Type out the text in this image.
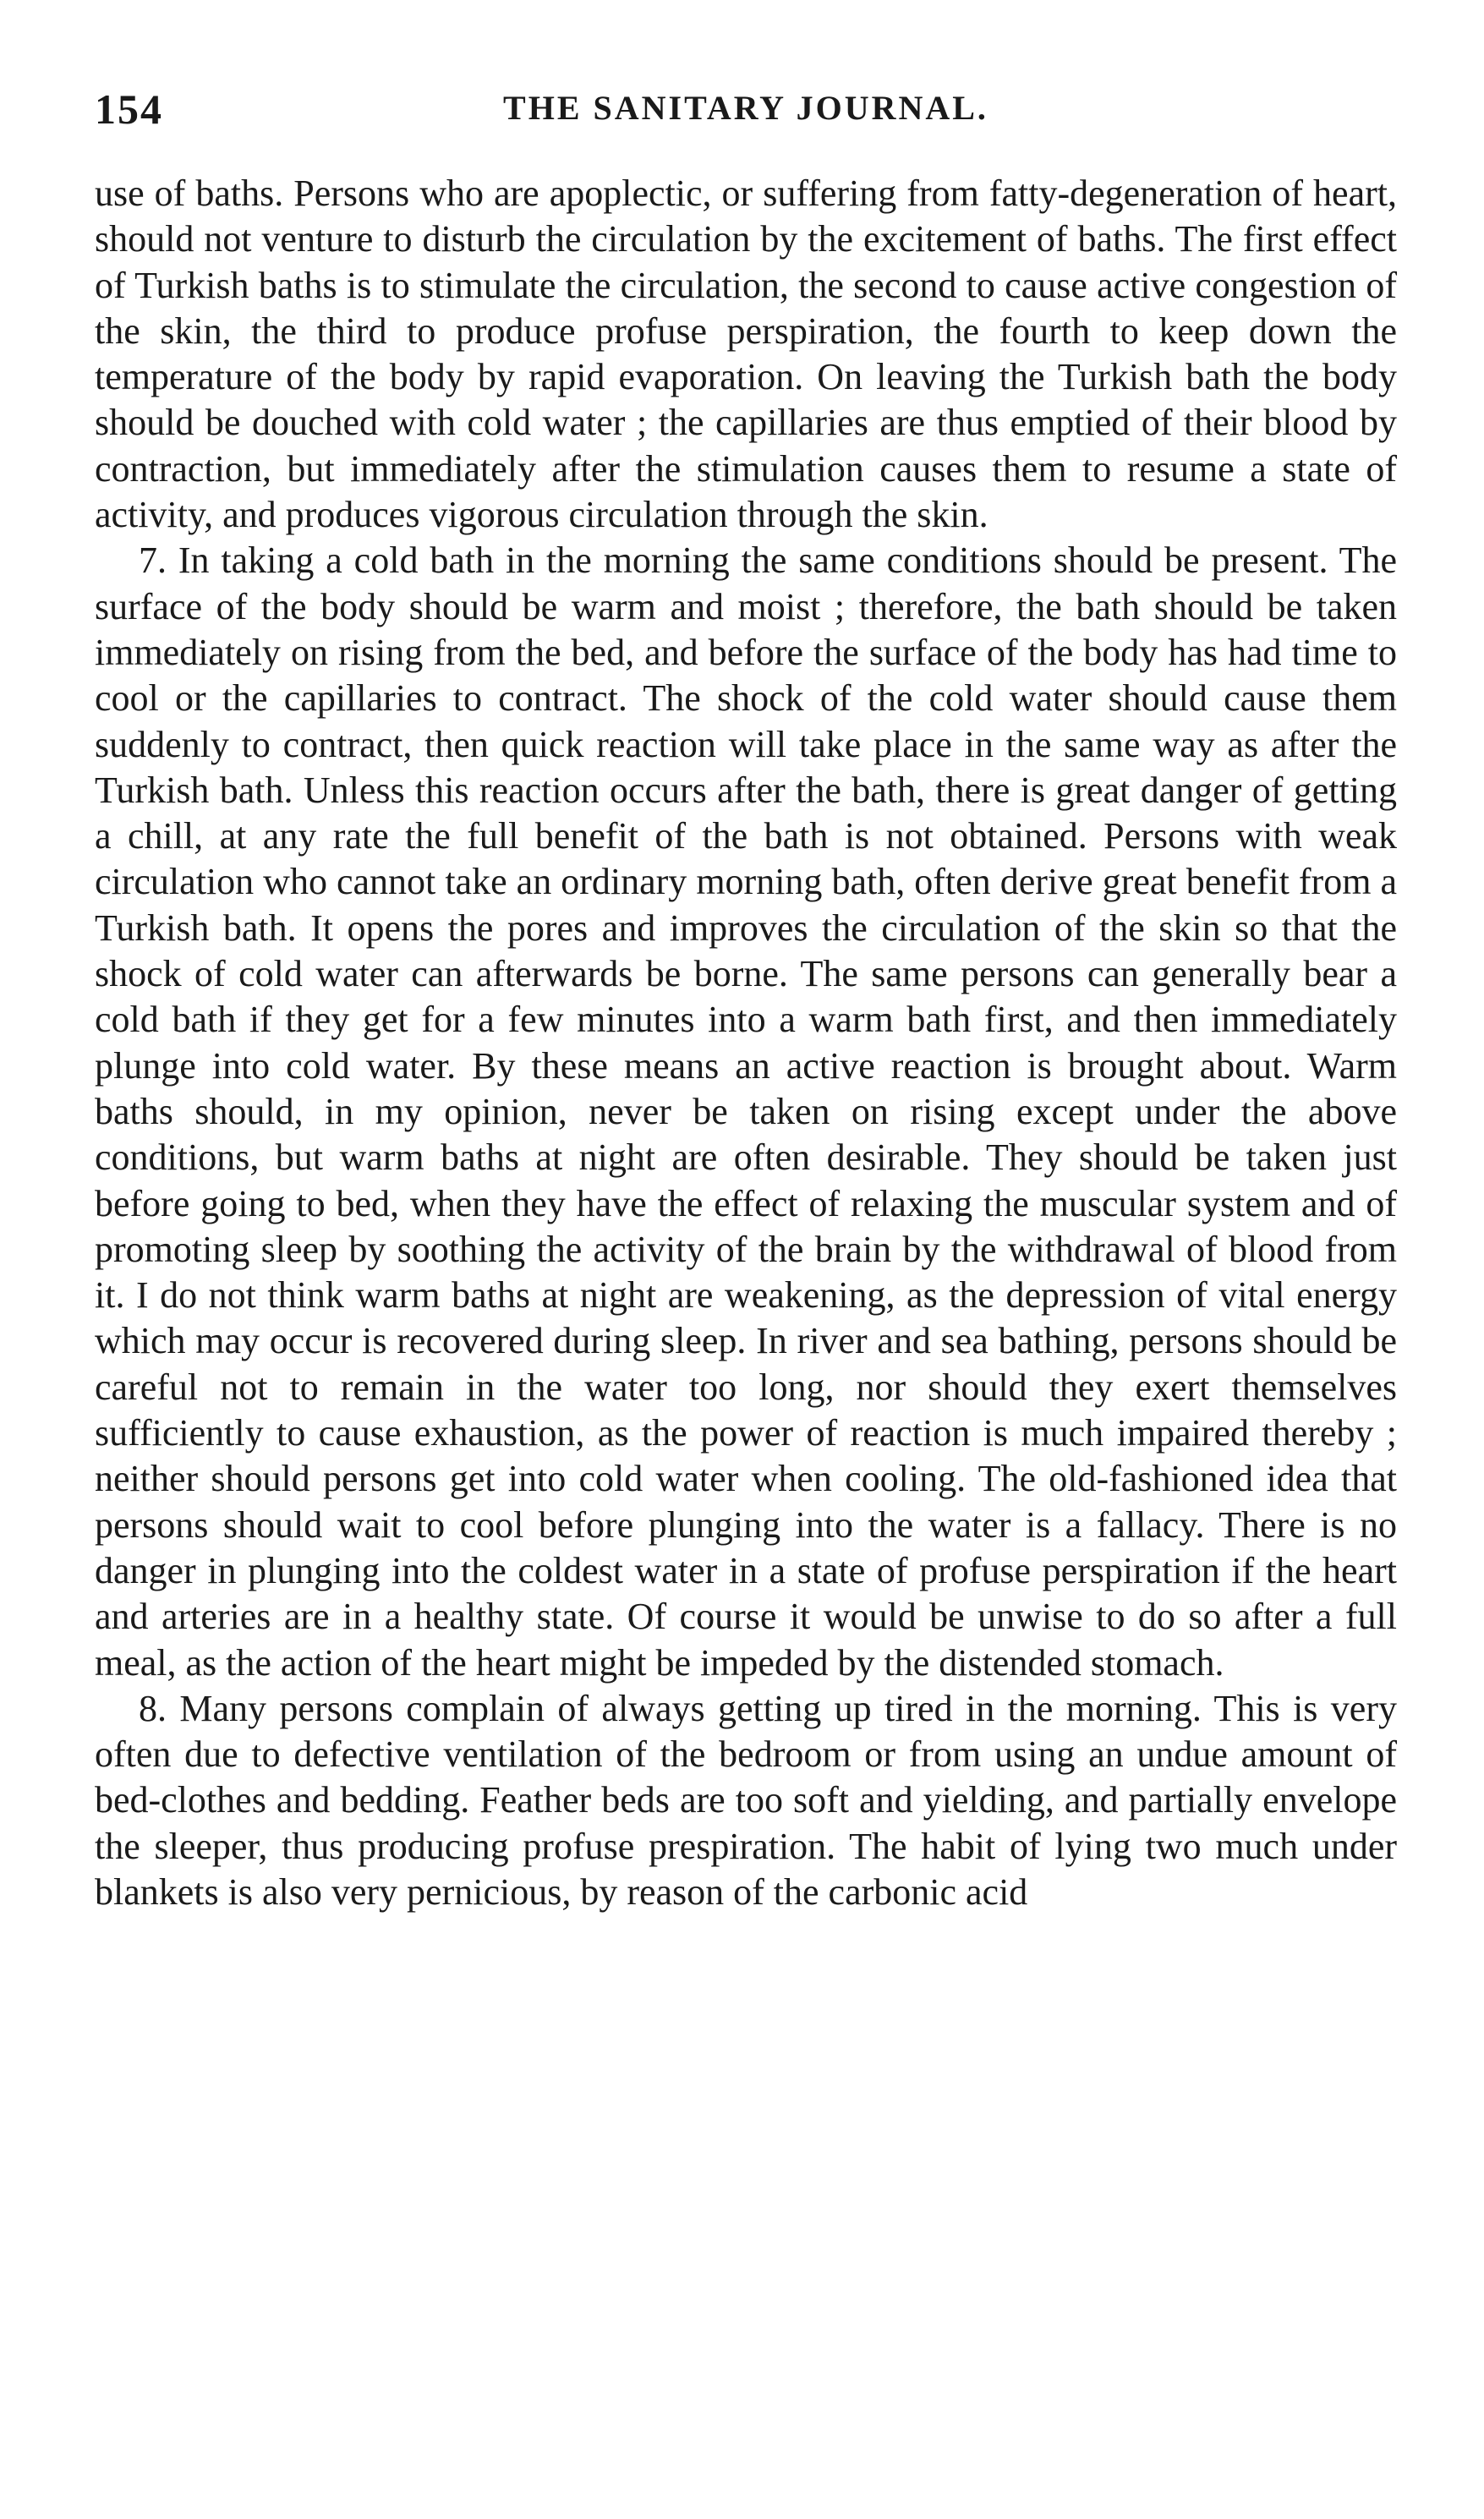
154	THE SANITARY JOURNAL.

use of baths. Persons who are apoplectic, or suffering from fatty-degeneration of heart, should not venture to disturb the circulation by the excitement of baths. The first effect of Turkish baths is to stimulate the circulation, the second to cause active congestion of the skin, the third to produce profuse perspiration, the fourth to keep down the temperature of the body by rapid evaporation. On leaving the Turkish bath the body should be douched with cold water ; the capillaries are thus emptied of their blood by contraction, but immediately after the stimulation causes them to resume a state of activity, and produces vigorous circulation through the skin.

7. In taking a cold bath in the morning the same conditions should be present. The surface of the body should be warm and moist ; therefore, the bath should be taken immediately on rising from the bed, and before the surface of the body has had time to cool or the capillaries to contract. The shock of the cold water should cause them suddenly to contract, then quick reaction will take place in the same way as after the Turkish bath. Unless this reaction occurs after the bath, there is great danger of getting a chill, at any rate the full benefit of the bath is not obtained. Persons with weak circulation who cannot take an ordinary morning bath, often derive great benefit from a Turkish bath. It opens the pores and improves the circulation of the skin so that the shock of cold water can afterwards be borne. The same persons can generally bear a cold bath if they get for a few minutes into a warm bath first, and then immediately plunge into cold water. By these means an active reaction is brought about. Warm baths should, in my opinion, never be taken on rising except under the above conditions, but warm baths at night are often desirable. They should be taken just before going to bed, when they have the effect of relaxing the muscular system and of promoting sleep by soothing the activity of the brain by the withdrawal of blood from it. I do not think warm baths at night are weakening, as the depression of vital energy which may occur is recovered during sleep. In river and sea bathing, persons should be careful not to remain in the water too long, nor should they exert themselves sufficiently to cause exhaustion, as the power of reaction is much impaired thereby ; neither should persons get into cold water when cooling. The old-fashioned idea that persons should wait to cool before plunging into the water is a fallacy. There is no danger in plunging into the coldest water in a state of profuse perspiration if the heart and arteries are in a healthy state. Of course it would be unwise to do so after a full meal, as the action of the heart might be impeded by the distended stomach.

8. Many persons complain of always getting up tired in the morning. This is very often due to defective ventilation of the bedroom or from using an undue amount of bed-clothes and bedding. Feather beds are too soft and yielding, and partially envelope the sleeper, thus producing profuse prespiration. The habit of lying two much under blankets is also very pernicious, by reason of the carbonic acid
